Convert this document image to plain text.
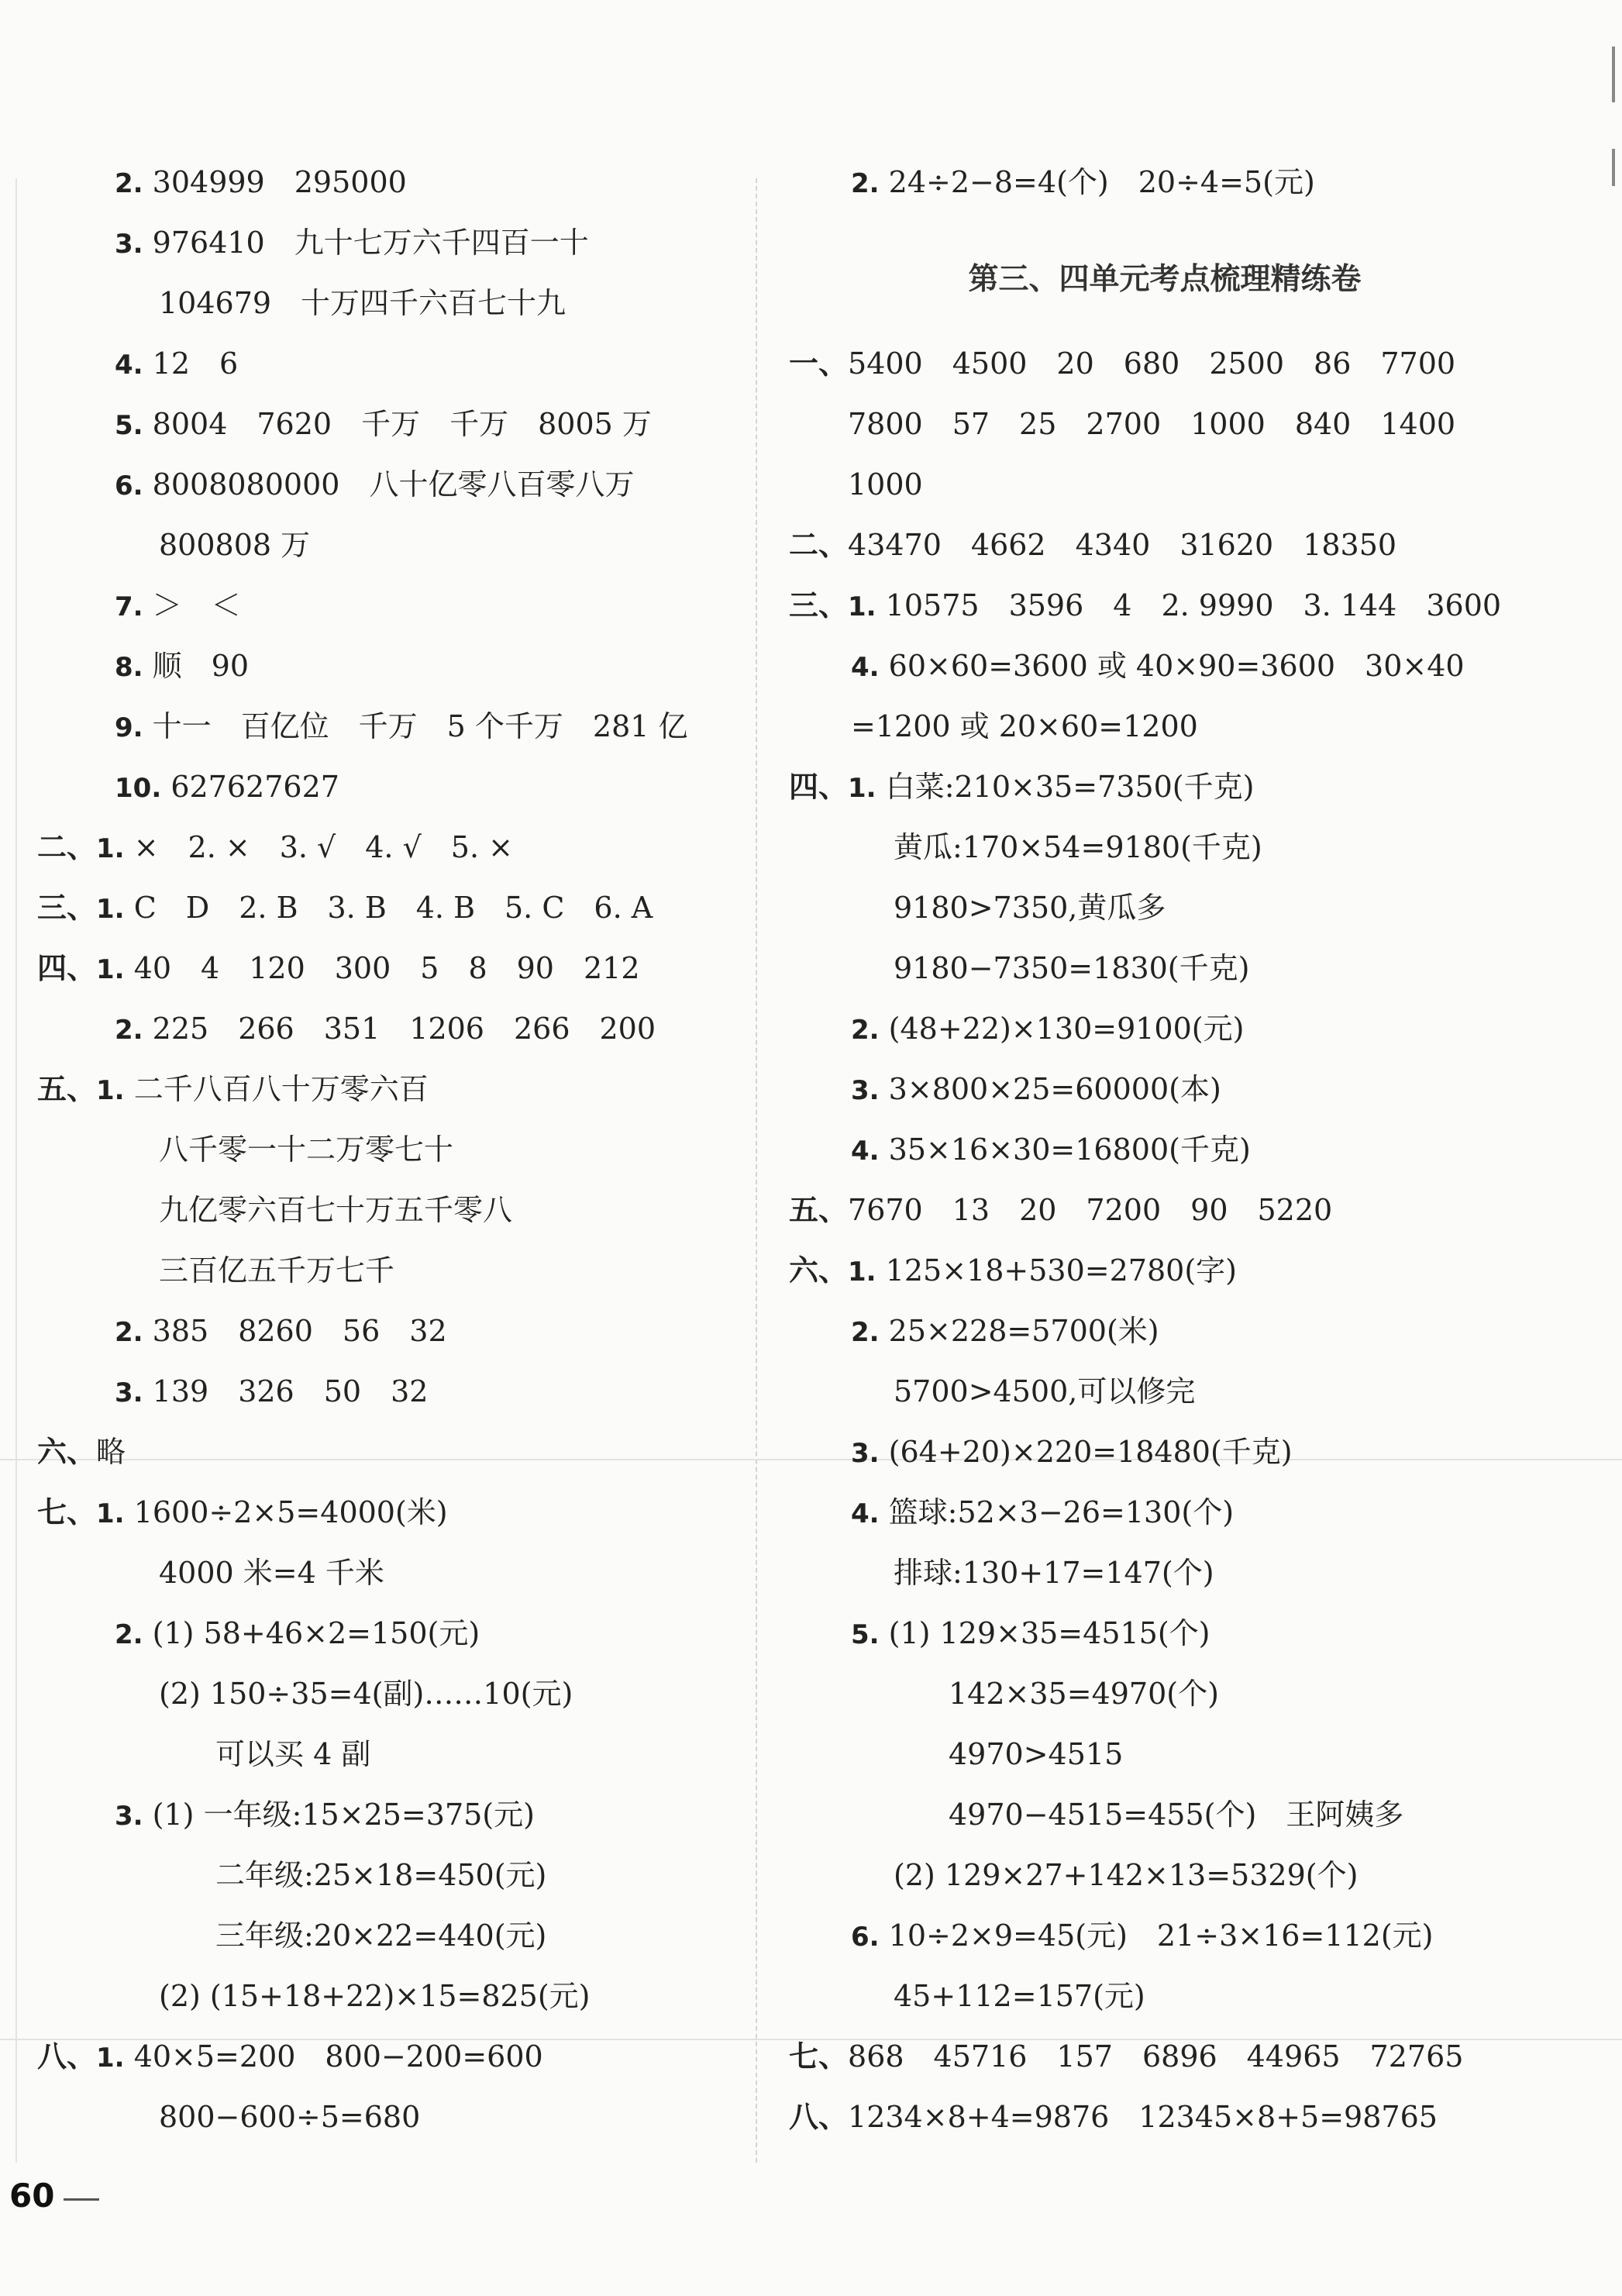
2. 304999　295000
3. 976410　九十七万六千四百一十
104679　十万四千六百七十九
4. 12　6
5. 8004　7620　千万　千万　8005 万
6. 8008080000　八十亿零八百零八万
800808 万
7. ＞　＜
8. 顺　90
9. 十一　百亿位　千万　5 个千万　281 亿
10. 627627627
二、1. ×　2. ×　3. √　4. √　5. ×
三、1. C　D　2. B　3. B　4. B　5. C　6. A
四、1. 40　4　120　300　5　8　90　212
2. 225　266　351　1206　266　200
五、1. 二千八百八十万零六百
八千零一十二万零七十
九亿零六百七十万五千零八
三百亿五千万七千
2. 385　8260　56　32
3. 139　326　50　32
六、略
七、1. 1600÷2×5=4000(米)
4000 米=4 千米
2. (1) 58+46×2=150(元)
(2) 150÷35=4(副)……10(元)
可以买 4 副
3. (1) 一年级:15×25=375(元)
二年级:25×18=450(元)
三年级:20×22=440(元)
(2) (15+18+22)×15=825(元)
八、1. 40×5=200　800−200=600
800−600÷5=680
2. 24÷2−8=4(个)　20÷4=5(元)
第三、四单元考点梳理精练卷
一、5400　4500　20　680　2500　86　7700
7800　57　25　2700　1000　840　1400
1000
二、43470　4662　4340　31620　18350
三、1. 10575　3596　4　2. 9990　3. 144　3600
4. 60×60=3600 或 40×90=3600　30×40
=1200 或 20×60=1200
四、1. 白菜:210×35=7350(千克)
黄瓜:170×54=9180(千克)
9180>7350,黄瓜多
9180−7350=1830(千克)
2. (48+22)×130=9100(元)
3. 3×800×25=60000(本)
4. 35×16×30=16800(千克)
五、7670　13　20　7200　90　5220
六、1. 125×18+530=2780(字)
2. 25×228=5700(米)
5700>4500,可以修完
3. (64+20)×220=18480(千克)
4. 篮球:52×3−26=130(个)
排球:130+17=147(个)
5. (1) 129×35=4515(个)
142×35=4970(个)
4970>4515
4970−4515=455(个)　王阿姨多
(2) 129×27+142×13=5329(个)
6. 10÷2×9=45(元)　21÷3×16=112(元)
45+112=157(元)
七、868　45716　157　6896　44965　72765
八、1234×8+4=9876　12345×8+5=98765
60
